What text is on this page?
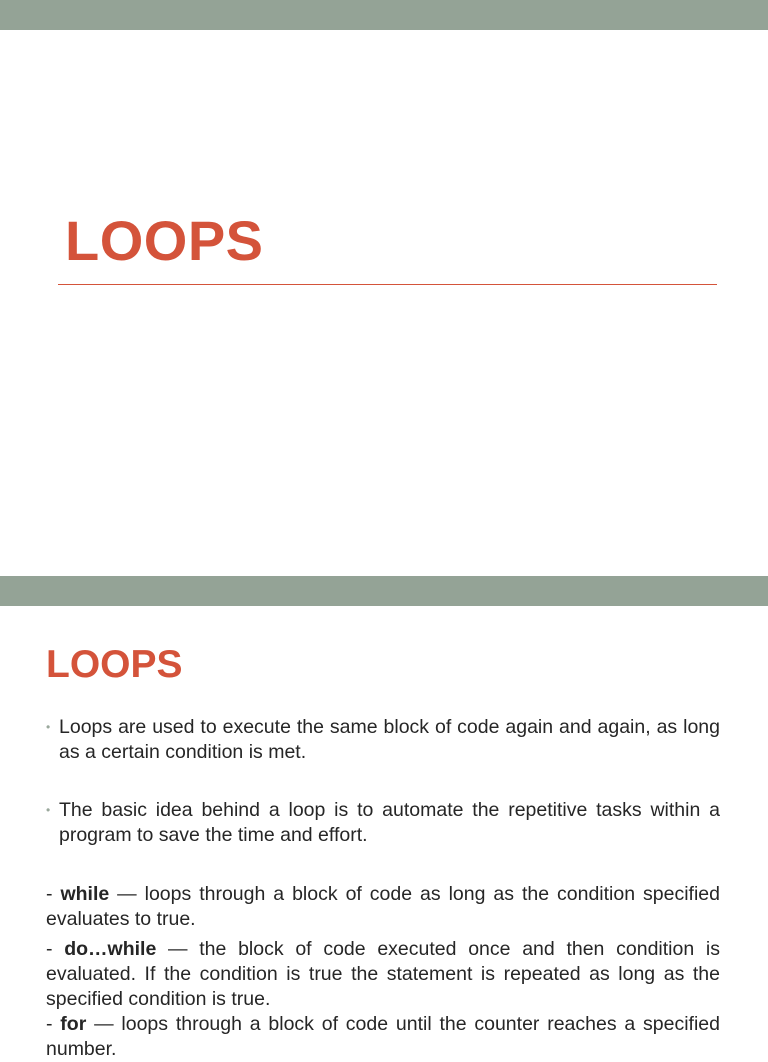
LOOPS
LOOPS
• Loops are used to execute the same block of code again and again, as long as a certain condition is met.
• The basic idea behind a loop is to automate the repetitive tasks within a program to save the time and effort.
- while — loops through a block of code as long as the condition specified evaluates to true.
- do…while — the block of code executed once and then condition is evaluated. If the condition is true the statement is repeated as long as the specified condition is true.
- for — loops through a block of code until the counter reaches a specified number.
